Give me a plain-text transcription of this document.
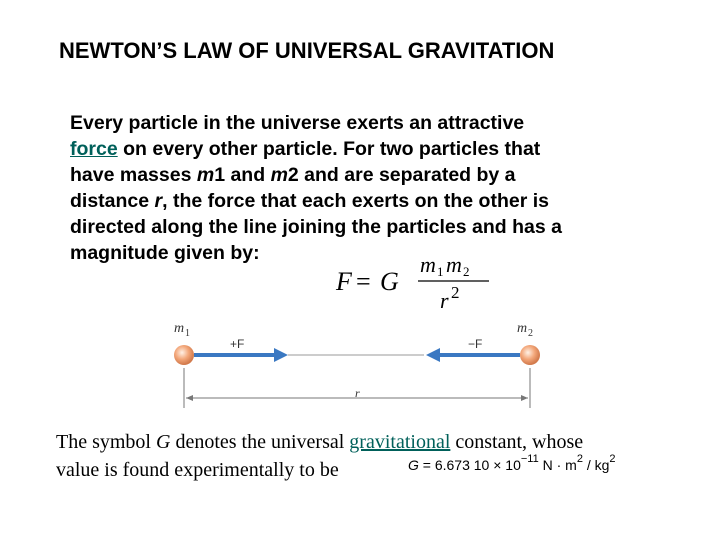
NEWTON’S LAW OF UNIVERSAL GRAVITATION
Every particle in the universe exerts an attractive
force on every other particle. For two particles that
have masses m1 and m2 and are separated by a
distance r, the force that each exerts on the other is
directed along the line joining the particles and has a
magnitude given by:
F = G
m 1 m 2
r 2
m 1	m 2
+F	−F
r
The symbol G denotes the universal gravitational constant, whose
value is found experimentally to be	G = 6.673 $10 \times 10^{-11}$ $N \cdot m^2 / kg^2$
